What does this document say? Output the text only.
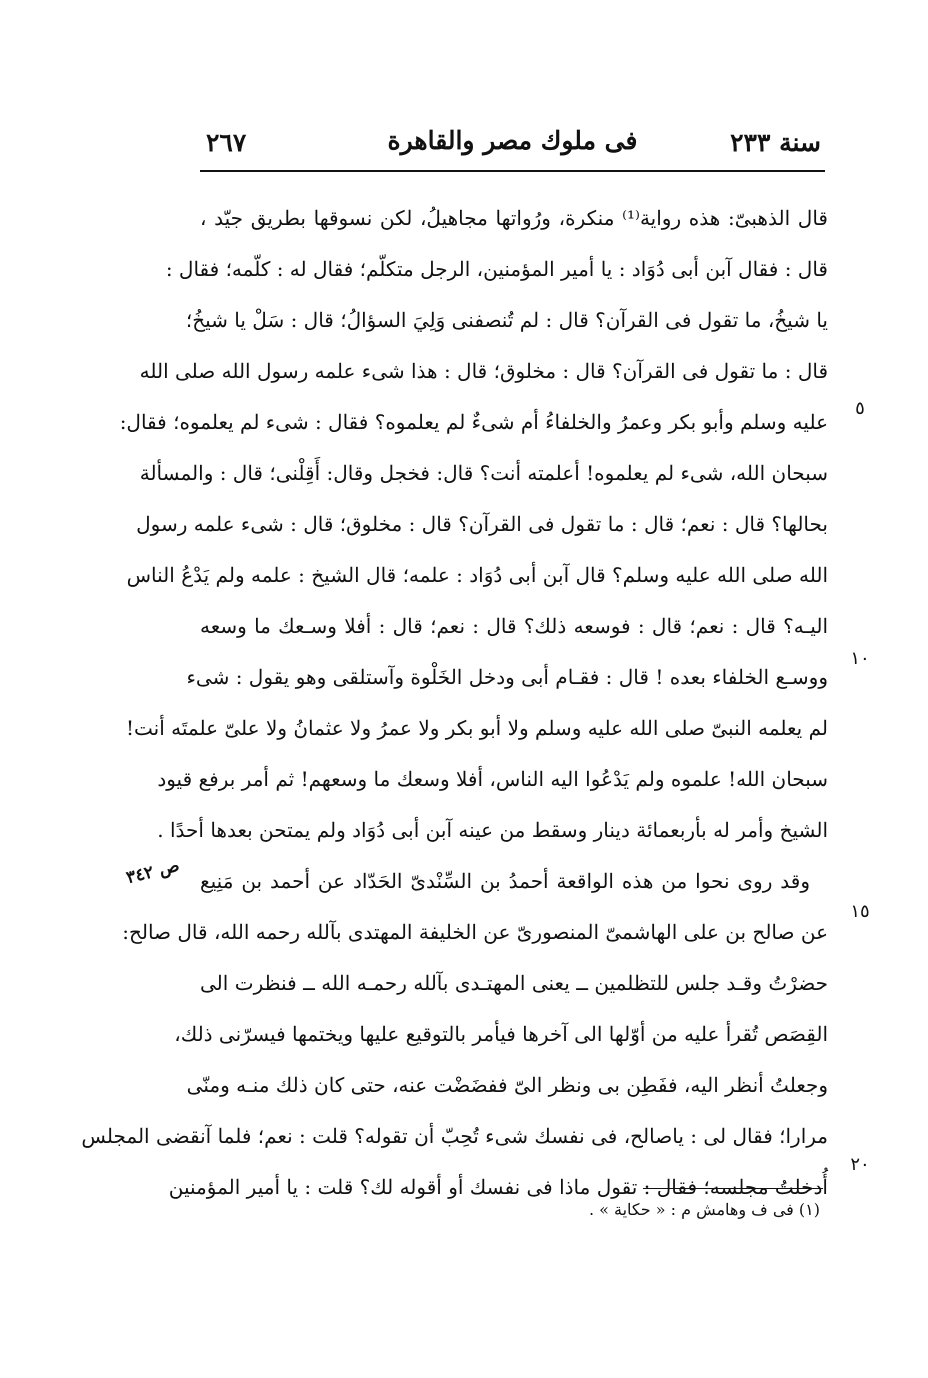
٢٦٧	فى ملوك مصر والقاهرة	سنة ٢٣٣
قال الذهبىّ: هذه رواية⁽¹⁾ منكرة، ورُواتها مجاهيلُ، لكن نسوقها بطريق جيّد ،
قال : فقال آبن أبى دُوَاد : يا أمير المؤمنين، الرجل متكلّم؛ فقال له : كلّمه؛ فقال :
يا شيخُ، ما تقول فى القرآن؟ قال : لم تُنصفنى وَلِيَ السؤالُ؛ قال : سَلْ يا شيخُ؛
قال : ما تقول فى القرآن؟ قال : مخلوق؛ قال : هذا شىء علمه رسول الله صلى الله
عليه وسلم وأبو بكر وعمرُ والخلفاءُ أم شىءٌ لم يعلموه؟ فقال : شىء لم يعلموه؛ فقال:
سبحان الله، شىء لم يعلموه! أعلمته أنت؟ قال: فخجل وقال: أَقِلْنى؛ قال : والمسألة
بحالها؟ قال : نعم؛ قال : ما تقول فى القرآن؟ قال : مخلوق؛ قال : شىء علمه رسول
الله صلى الله عليه وسلم؟ قال آبن أبى دُوَاد : علمه؛ قال الشيخ : علمه ولم يَدْعُ الناس
اليـه؟ قال : نعم؛ قال : فوسعه ذلك؟ قال : نعم؛ قال : أفلا وسـعك ما وسعه
ووسـع الخلفاء بعده ! قال : فقـام أبى ودخل الخَلْوة وآستلقى وهو يقول : شىء
لم يعلمه النبىّ صلى الله عليه وسلم ولا أبو بكر ولا عمرُ ولا عثمانُ ولا علىّ علمتَه أنت!
سبحان الله! علموه ولم يَدْعُوا اليه الناس، أفلا وسعك ما وسعهم! ثم أمر برفع قيود
الشيخ وأمر له بأربعمائة دينار وسقط من عينه آبن أبى دُوَاد ولم يمتحن بعدها أحدًا .
وقد روى نحوا من هذه الواقعة أحمدُ بن السِّنْدىّ الحَدّاد عن أحمد بن مَنِيع
عن صالح بن على الهاشمىّ المنصورىّ عن الخليفة المهتدى بآلله رحمه الله، قال صالح:
حضرْتُ وقـد جلس للتظلمين ــ يعنى المهتـدى بآلله رحمـه الله ــ فنظرت الى
القِصَص تُقرأ عليه من أوّلها الى آخرها فيأمر بالتوقيع عليها ويختمها فيسرّنى ذلك،
وجعلتُ أنظر اليه، ففَطِن بى ونظر الىّ ففضَضْت عنه، حتى كان ذلك منـه ومنّى
مرارا؛ فقال لى : ياصالح، فى نفسك شىء تُحِبّ أن تقوله؟ قلت : نعم؛ فلما آنقضى المجلس
أُدخلتُ مجلسه؛ فقال : تقول ماذا فى نفسك أو أقوله لك؟ قلت : يا أمير المؤمنين
٥
١٠
١٥
٢٠
ص ٣٤٢
(١) فى ف وهامش م : « حكاية » .
